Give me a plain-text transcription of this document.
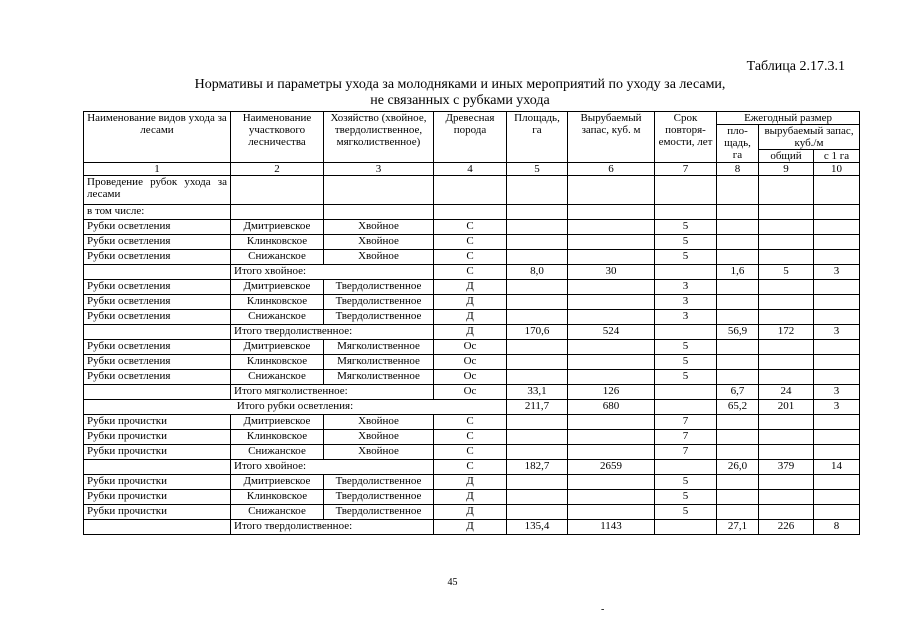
Таблица 2.17.3.1
Нормативы и параметры ухода за молодняками и иных мероприятий по уходу за лесами,
не связанных с рубками ухода
Наименование видов ухода за лесами	Наименование участкового лесничества	Хозяйство (хвойное, твердолиственное, мягколиственное)	Древесная порода	Площадь, га	Вырубаемый запас, куб. м	Срок повторя-емости, лет	Ежегодный размер		
							пло-щадь, га	вырубаемый запас, куб./м	
								общий	с 1 га
1	2	3	4	5	6	7	8	9	10
Проведение рубок ухода за лесами									
в том числе:									
Рубки осветления	Дмитриевское	Хвойное	С			5			
Рубки осветления	Клинковское	Хвойное	С			5			
Рубки осветления	Снижанское	Хвойное	С			5			
	Итого хвойное:		С	8,0	30		1,6	5	3
Рубки осветления	Дмитриевское	Твердолиственное	Д			3			
Рубки осветления	Клинковское	Твердолиственное	Д			3			
Рубки осветления	Снижанское	Твердолиственное	Д			3			
	Итого твердолиственное:		Д	170,6	524		56,9	172	3
Рубки осветления	Дмитриевское	Мягколиственное	Ос			5			
Рубки осветления	Клинковское	Мягколиственное	Ос			5			
Рубки осветления	Снижанское	Мягколиственное	Ос			5			
	Итого мягколиственное:		Ос	33,1	126		6,7	24	3
Итого рубки осветления:				211,7	680		65,2	201	3
Рубки прочистки	Дмитриевское	Хвойное	С			7			
Рубки прочистки	Клинковское	Хвойное	С			7			
Рубки прочистки	Снижанское	Хвойное	С			7			
	Итого хвойное:		С	182,7	2659		26,0	379	14
Рубки прочистки	Дмитриевское	Твердолиственное	Д			5			
Рубки прочистки	Клинковское	Твердолиственное	Д			5			
Рубки прочистки	Снижанское	Твердолиственное	Д			5			
	Итого твердолиственное:		Д	135,4	1143		27,1	226	8
45
-
